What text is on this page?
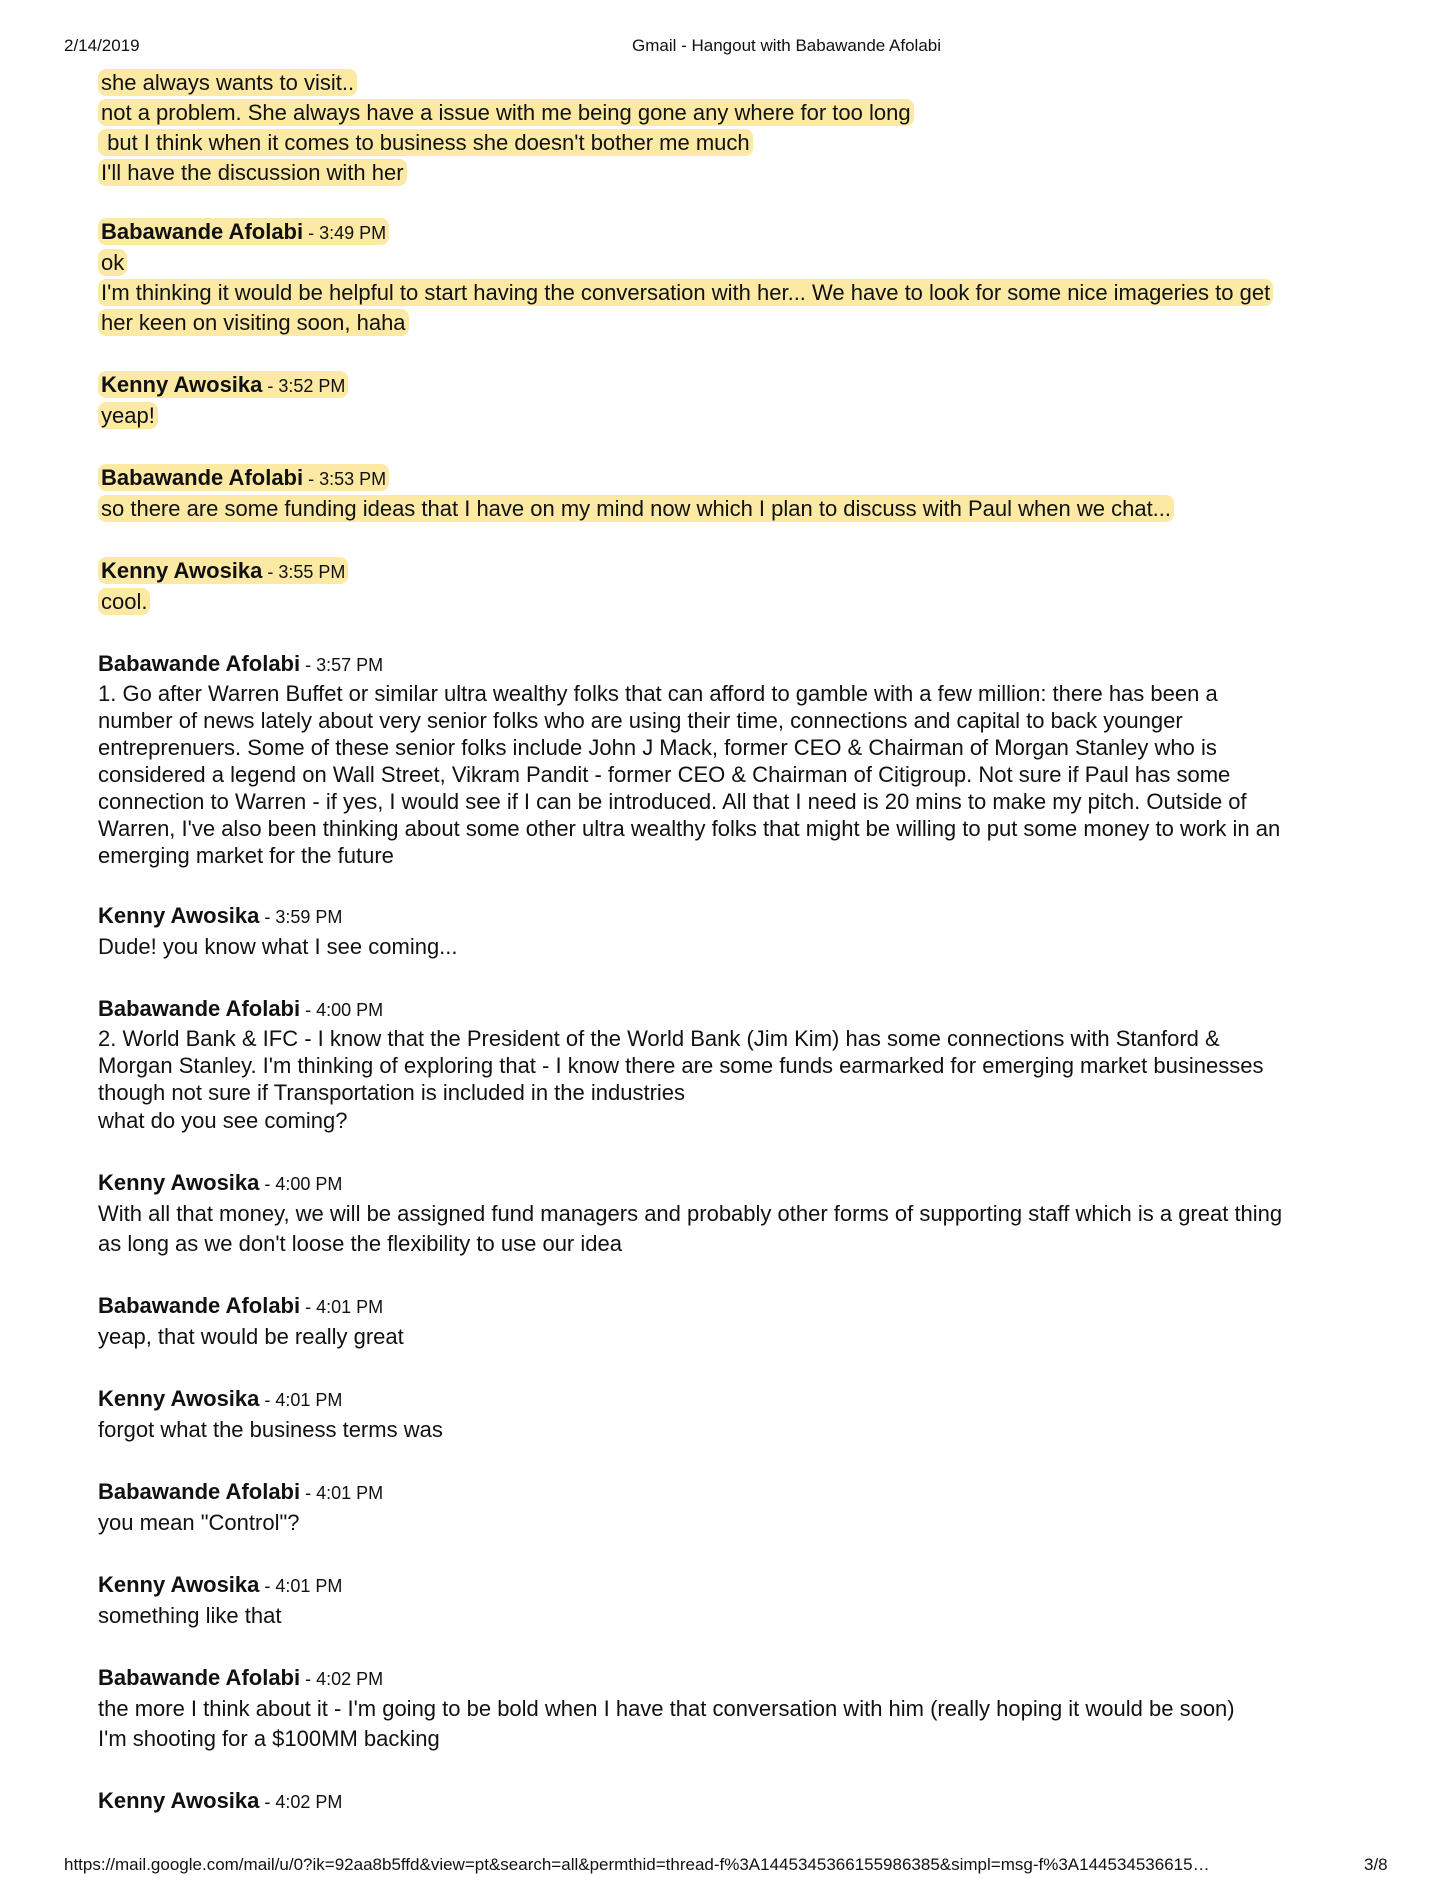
2/14/2019	Gmail - Hangout with Babawande Afolabi
she always wants to visit..
not a problem. She always have a issue with me being gone any where for too long
but I think when it comes to business she doesn't bother me much
I'll have the discussion with her
Babawande Afolabi - 3:49 PM
ok
I'm thinking it would be helpful to start having the conversation with her... We have to look for some nice imageries to get
her keen on visiting soon, haha
Kenny Awosika - 3:52 PM
yeap!
Babawande Afolabi - 3:53 PM
so there are some funding ideas that I have on my mind now which I plan to discuss with Paul when we chat...
Kenny Awosika - 3:55 PM
cool.
Babawande Afolabi - 3:57 PM
1. Go after Warren Buffet or similar ultra wealthy folks that can afford to gamble with a few million: there has been a
number of news lately about very senior folks who are using their time, connections and capital to back younger
entreprenuers. Some of these senior folks include John J Mack, former CEO & Chairman of Morgan Stanley who is
considered a legend on Wall Street, Vikram Pandit - former CEO & Chairman of Citigroup. Not sure if Paul has some
connection to Warren - if yes, I would see if I can be introduced. All that I need is 20 mins to make my pitch. Outside of
Warren, I've also been thinking about some other ultra wealthy folks that might be willing to put some money to work in an
emerging market for the future
Kenny Awosika - 3:59 PM
Dude! you know what I see coming...
Babawande Afolabi - 4:00 PM
2. World Bank & IFC - I know that the President of the World Bank (Jim Kim) has some connections with Stanford &
Morgan Stanley. I'm thinking of exploring that - I know there are some funds earmarked for emerging market businesses
though not sure if Transportation is included in the industries
what do you see coming?
Kenny Awosika - 4:00 PM
With all that money, we will be assigned fund managers and probably other forms of supporting staff which is a great thing
as long as we don't loose the flexibility to use our idea
Babawande Afolabi - 4:01 PM
yeap, that would be really great
Kenny Awosika - 4:01 PM
forgot what the business terms was
Babawande Afolabi - 4:01 PM
you mean "Control"?
Kenny Awosika - 4:01 PM
something like that
Babawande Afolabi - 4:02 PM
the more I think about it - I'm going to be bold when I have that conversation with him (really hoping it would be soon)
I'm shooting for a $100MM backing
Kenny Awosika - 4:02 PM
https://mail.google.com/mail/u/0?ik=92aa8b5ffd&view=pt&search=all&permthid=thread-f%3A1445345366155986385&simpl=msg-f%3A144534536615…	3/8
